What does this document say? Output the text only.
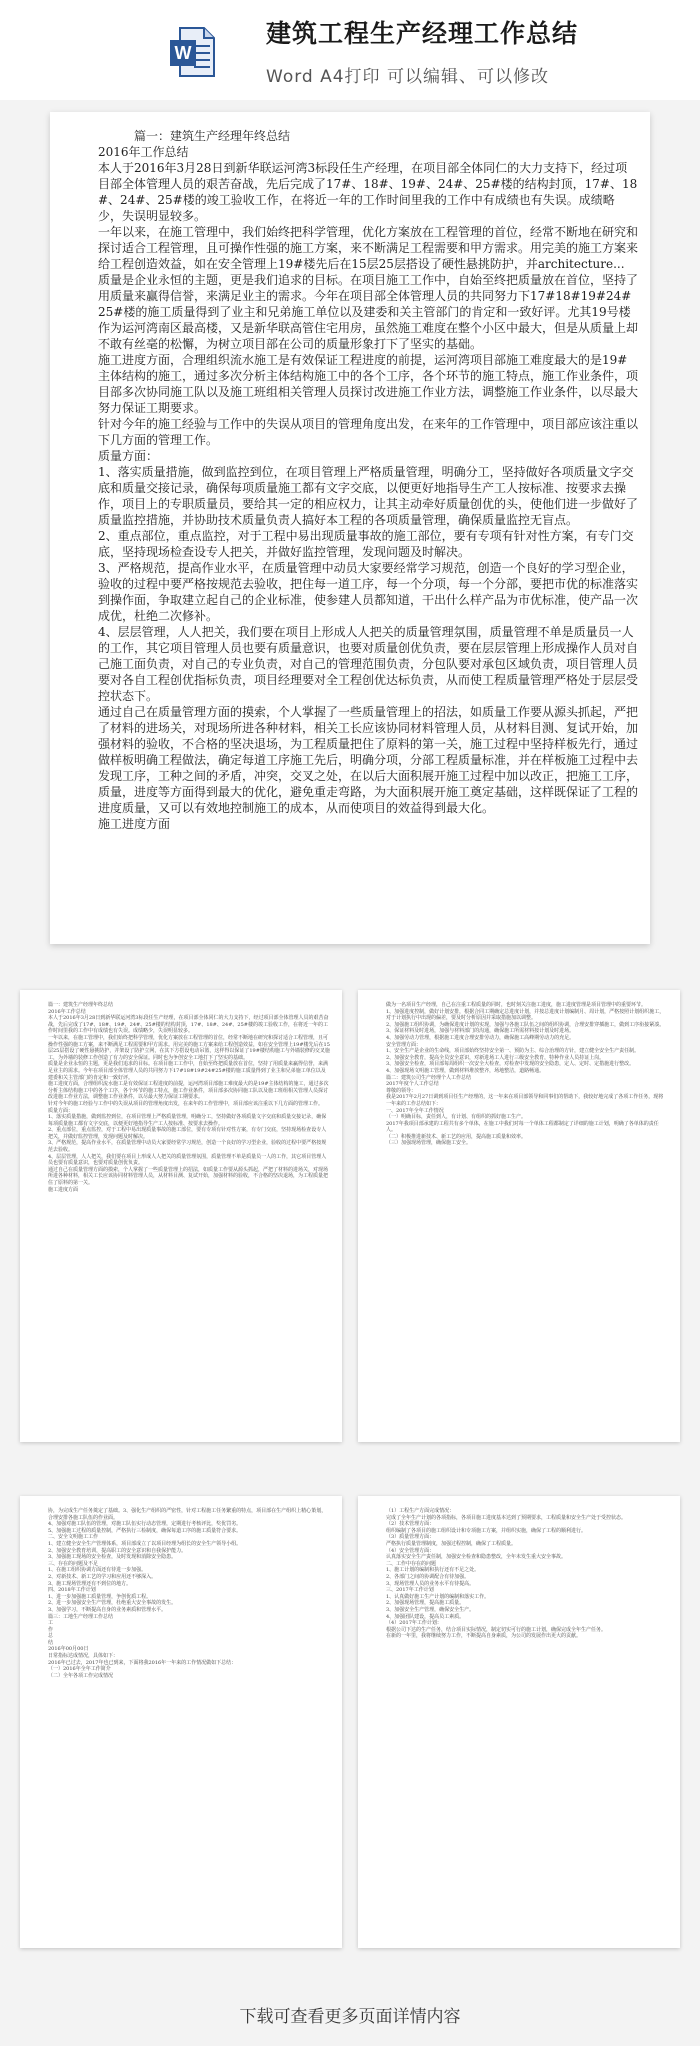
W
建筑工程生产经理工作总结
Word A4打印 可以编辑、可以修改

篇一：建筑生产经理年终总结

2016年工作总结

本人于2016年3月28日到新华联运河湾3标段任生产经理，在项目部全体同仁的大力支持下，经过项目部全体管理人员的艰苦奋战，先后完成了17#、18#、19#、24#、25#楼的结构封顶，17#、18#、24#、25#楼的竣工验收工作，在将近一年的工作时间里我的工作中有成绩也有失误。成绩略少，失误明显较多。

一年以来，在施工管理中，我们始终把科学管理，优化方案放在工程管理的首位，经常不断地在研究和探讨适合工程管理，且可操作性强的施工方案，来不断满足工程需要和甲方需求。用完美的施工方案来给工程创造效益，如在安全管理上19#楼先后在15层25层搭设了硬性悬挑防护，并architecture...

质量是企业永恒的主题，更是我们追求的目标。在项目施工工作中，自始至终把质量放在首位，坚持了用质量来赢得信誉，来满足业主的需求。今年在项目部全体管理人员的共同努力下17#18#19#24#25#楼的施工质量得到了业主和兄弟施工单位以及建委和关主管部门的肯定和一致好评。尤其19号楼作为运河湾南区最高楼，又是新华联高管住宅用房，虽然施工难度在整个小区中最大，但是从质量上却不敢有丝毫的松懈，为树立项目部在公司的质量形象打下了坚实的基础。

施工进度方面，合理组织流水施工是有效保证工程进度的前提，运河湾项目部施工难度最大的是19#主体结构的施工，通过多次分析主体结构施工中的各个工序，各个环节的施工特点，施工作业条件，项目部多次协同施工队以及施工班组相关管理人员探讨改进施工作业方法，调整施工作业条件，以尽最大努力保证工期要求。

针对今年的施工经验与工作中的失误从项目的管理角度出发，在来年的工作管理中，项目部应该注重以下几方面的管理工作。

质量方面：

1、落实质量措施，做到监控到位，在项目管理上严格质量管理，明确分工，坚持做好各项质量文字交底和质量交接记录，确保每项质量施工都有文字交底，以便更好地指导生产工人按标准、按要求去操作，项目上的专职质量员，要给其一定的相应权力，让其主动牵好质量创优的头，使他们进一步做好了质量监控措施，并协助技术质量负责人搞好本工程的各项质量管理，确保质量监控无盲点。

2、重点部位，重点监控，对于工程中易出现质量事故的施工部位，要有专项有针对性方案，有专门交底，坚持现场检查设专人把关，并做好监控管理，发现问题及时解决。

3、严格规范，提高作业水平，在质量管理中动员大家要经常学习规范，创造一个良好的学习型企业，验收的过程中要严格按规范去验收，把住每一道工序，每一个分项，每一个分部，要把市优的标准落实到操作面，争取建立起自己的企业标准，使参建人员都知道，干出什么样产品为市优标准，使产品一次成优，杜绝二次修补。

4、层层管理，人人把关，我们要在项目上形成人人把关的质量管理氛围，质量管理不单是质量员一人的工作，其它项目管理人员也要有质量意识，也要对质量创优负责，要在层层管理上形成操作人员对自己施工面负责，对自己的专业负责，对自己的管理范围负责，分包队要对承包区域负责，项目管理人员要对各自工程创优指标负责，项目经理要对全工程创优达标负责，从而使工程质量管理严格处于层层受控状态下。

通过自己在质量管理方面的摸索，个人掌握了一些质量管理上的招法，如质量工作要从源头抓起，严把了材料的进场关，对现场所进各种材料，相关工长应该协同材料管理人员，从材料目测、复试开始，加强材料的验收，不合格的坚决退场，为工程质量把住了原料的第一关，施工过程中坚持样板先行，通过做样板明确工程做法，确定每道工序施工先后，明确分项，分部工程质量标准，并在样板施工过程中去发现工序，工种之间的矛盾，冲突，交叉之处，在以后大面积展开施工过程中加以改正，把施工工序，质量，进度等方面得到最大的优化，避免重走弯路，为大面积展开施工奠定基础，这样既保证了工程的进度质量，又可以有效地控制施工的成本，从而使项目的效益得到最大化。

施工进度方面

篇一：建筑生产经理年终总结

2016年工作总结

本人于2016年3月28日到新华联运河湾3标段任生产经理，在项目部全体同仁的大力支持下，经过项目部全体管理人员的艰苦奋战，先后完成了17#、18#、19#、24#、25#楼的结构封顶，17#、18#、24#、25#楼的竣工验收工作，在将近一年的工作时间里我的工作中有成绩也有失误。成绩略少，失误明显较多。

一年以来，在施工管理中，我们始终把科学管理，优化方案放在工程管理的首位，经常不断地在研究和探讨适合工程管理，且可操作性强的施工方案，来不断满足工程需要和甲方需求。用完美的施工方案来给工程创造效益，如在安全管理上19#楼先后在15层25层搭设了硬性悬挑防护，并架设了防护立网，在其下方搭设电动吊篮，这样得以保证了19#楼结构施工与外墙装修的交叉施工，为外墙的装修工作创造了有力的安全保证。同时也为争创安全工地打下了坚实的基础。

质量是企业永恒的主题，更是我们追求的目标。在项目施工工作中，自始至终把质量放在首位，坚持了用质量来赢得信誉，来满足业主的需求。今年在项目部全体管理人员的共同努力下17#18#19#24#25#楼的施工质量得到了业主和兄弟施工单位以及建委和关主管部门的肯定和一致好评。

施工进度方面，合理组织流水施工是有效保证工程进度的前提，运河湾项目部施工难度最大的是19#主体结构的施工，通过多次分析主体结构施工中的各个工序，各个环节的施工特点，施工作业条件，项目部多次协同施工队以及施工班组相关管理人员探讨改进施工作业方法，调整施工作业条件，以尽最大努力保证工期要求。

针对今年的施工经验与工作中的失误从项目的管理角度出发，在来年的工作管理中，项目部应该注重以下几方面的管理工作。

质量方面：

1、落实质量措施，做到监控到位，在项目管理上严格质量管理，明确分工，坚持做好各项质量文字交底和质量交接记录，确保每项质量施工都有文字交底，以便更好地指导生产工人按标准、按要求去操作。

2、重点部位，重点监控，对于工程中易出现质量事故的施工部位，要有专项有针对性方案，有专门交底，坚持现场检查设专人把关，并做好监控管理，发现问题及时解决。

3、严格规范，提高作业水平，在质量管理中动员大家要经常学习规范，创造一个良好的学习型企业，验收的过程中要严格按规范去验收。

4、层层管理，人人把关，我们要在项目上形成人人把关的质量管理氛围，质量管理不单是质量员一人的工作，其它项目管理人员也要有质量意识，也要对质量创优负责。

通过自己在质量管理方面的摸索，个人掌握了一些质量管理上的招法，如质量工作要从源头抓起，严把了材料的进场关，对现场所进各种材料，相关工长应该协同材料管理人员，从材料目测、复试开始，加强材料的验收，不合格的坚决退场，为工程质量把住了原料的第一关。

施工进度方面

做为一名项目生产经理，自己在注重工程质量的同时，也时刻关注施工进度，施工进度管理是项目管理中的重要环节。

1、加强进度控制，做好计划安排，根据合同工期确定总进度计划，并按总进度计划编制月、周计划，严格按照计划组织施工，对于计划执行中出现的偏差，要及时分析原因并采取措施加以调整。

2、加强施工组织协调，为确保进度计划的实现，加强与各施工队伍之间的组织协调，合理安排穿插施工，做到工序衔接紧凑。

3、保证材料及时进场，加强与材料部门的沟通，确保施工所需材料按计划及时进场。

4、加强劳动力管理，根据施工进度合理安排劳动力，确保施工高峰期劳动力的充足。

安全管理方面：

1、安全生产是企业的生命线，项目部始终坚持安全第一、预防为主、综合治理的方针，建立健全安全生产责任制。

2、加强安全教育，提高全员安全意识，对新进场工人进行三级安全教育，特种作业人员持证上岗。

3、加强安全检查，项目部每周组织一次安全大检查，对检查中发现的安全隐患，定人、定时、定措施进行整改。

4、加强现场文明施工管理，做到材料堆放整齐，场地整洁，道路畅通。

篇二：建筑公司生产经理个人工作总结

2017年度个人工作总结

尊敬的领导：

我是2017年2月27日调到项目任生产经理的，这一年来在项目部领导和同事们的帮助下，我较好地完成了各项工作任务，现将一年来的工作总结如下：

一、2017年全年工作情况

（一）明确目标，责任到人，有计划、有组织的抓好施工生产。

2017年我项目部承建的工程共有多个单体，在施工中我们对每一个单体工程都制定了详细的施工计划，明确了各单体的责任人。

（二）积极推进新技术、新工艺的应用，提高施工质量和效率。

（三）加强现场管理，确保施工安全。

协，为完成生产任务奠定了基础。3、强化生产组织的严密性，针对工程施工任务繁重的特点，项目部在生产组织上精心策划，合理安排各施工队伍的作业面。

4、加强对施工队伍的管理，对施工队伍实行动态管理，定期进行考核评比，奖优罚劣。

5、加强施工过程的质量控制，严格执行三检制度，确保每道工序的施工质量符合要求。

二、安全文明施工工作

1、建立健全安全生产管理体系，项目部成立了以项目经理为组长的安全生产领导小组。

2、加强安全教育培训，提高职工的安全意识和自我保护能力。

3、加强施工现场的安全检查，及时发现和消除安全隐患。

三、存在的问题及不足

1、在施工组织协调方面还有待进一步加强。

2、对新技术、新工艺的学习和应用还不够深入。

3、施工现场管理还有不到位的地方。

四、2018年工作计划

1、进一步加强施工质量管理，争创优质工程。

2、进一步加强安全生产管理，杜绝重大安全事故的发生。

3、加强学习，不断提高自身的业务素质和管理水平。

篇三：工地生产经理工作总结

工

作

总

结

2016年00月00日

日常指标达成情况，具体如下：

2016年已过去，2017年也已到来，下面将我2016年一年来的工作情况做如下总结：

（一）2016年全年工作简介

（二）全年各项工作完成情况

（1）工程生产方面完成情况：

完成了全年生产计划的各项指标，各项目施工进度基本达到了预期要求，工程质量和安全生产处于受控状态。

（2）技术管理方面：

组织编制了各项目的施工组织设计和专项施工方案，并组织实施，确保了工程的顺利进行。

（3）质量管理方面：

严格执行质量管理制度，加强过程控制，确保了工程质量。

（4）安全管理方面：

认真落实安全生产责任制，加强安全检查和隐患整改，全年未发生重大安全事故。

二、工作中存在的问题

1、施工计划的编制和执行还有不足之处。

2、各部门之间的协调配合有待加强。

3、现场管理人员的业务水平有待提高。

三、2017年工作计划

1、认真做好施工生产计划的编制和落实工作。

2、加强现场管理，提高施工质量。

3、加强安全生产管理，确保安全生产。

4、加强团队建设，提高员工素质。

（4）2017年工作计划：

根据公司下达的生产任务，结合项目实际情况，制定切实可行的施工计划，确保完成全年生产任务。

在新的一年里，我将继续努力工作，不断提高自身素质，为公司的发展作出更大的贡献。

下载可查看更多页面详情内容
